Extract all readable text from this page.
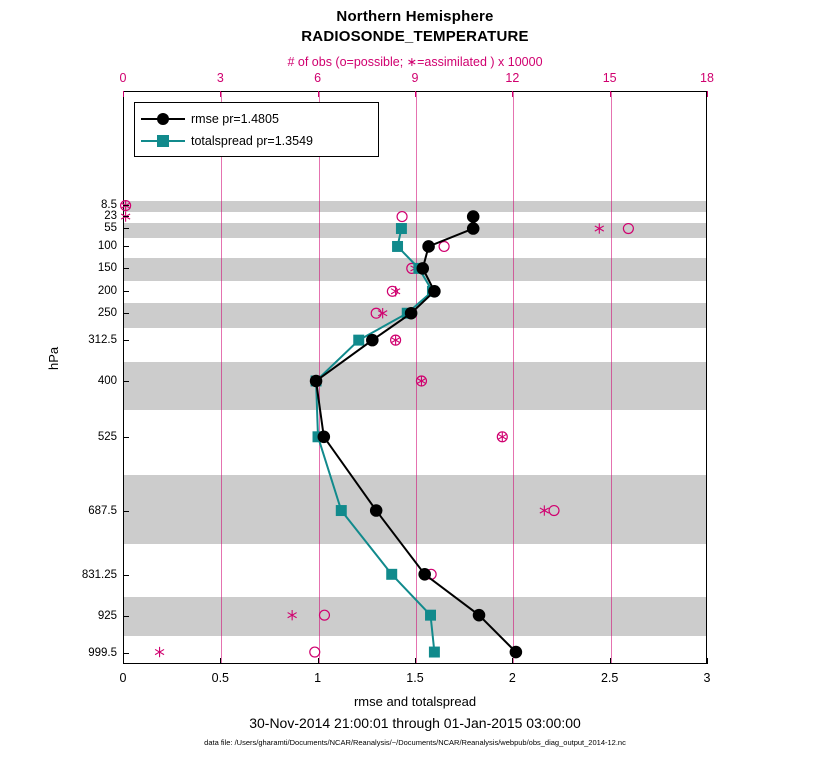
Northern Hemisphere
RADIOSONDE_TEMPERATURE
# of obs (o=possible; ∗=assimilated ) x 10000
hPa
rmse pr=1.4805
totalspread pr=1.3549
0	0.5	1	1.5	2	2.5	3
0	3	6	9	12	15	18
8.5
23
55
100
150
200
250
312.5
400
525
687.5
831.25
925
999.5
rmse and totalspread
30-Nov-2014 21:00:01 through 01-Jan-2015 03:00:00
data file: /Users/gharamti/Documents/NCAR/Reanalysis/~/Documents/NCAR/Reanalysis/webpub/obs_diag_output_2014-12.nc
